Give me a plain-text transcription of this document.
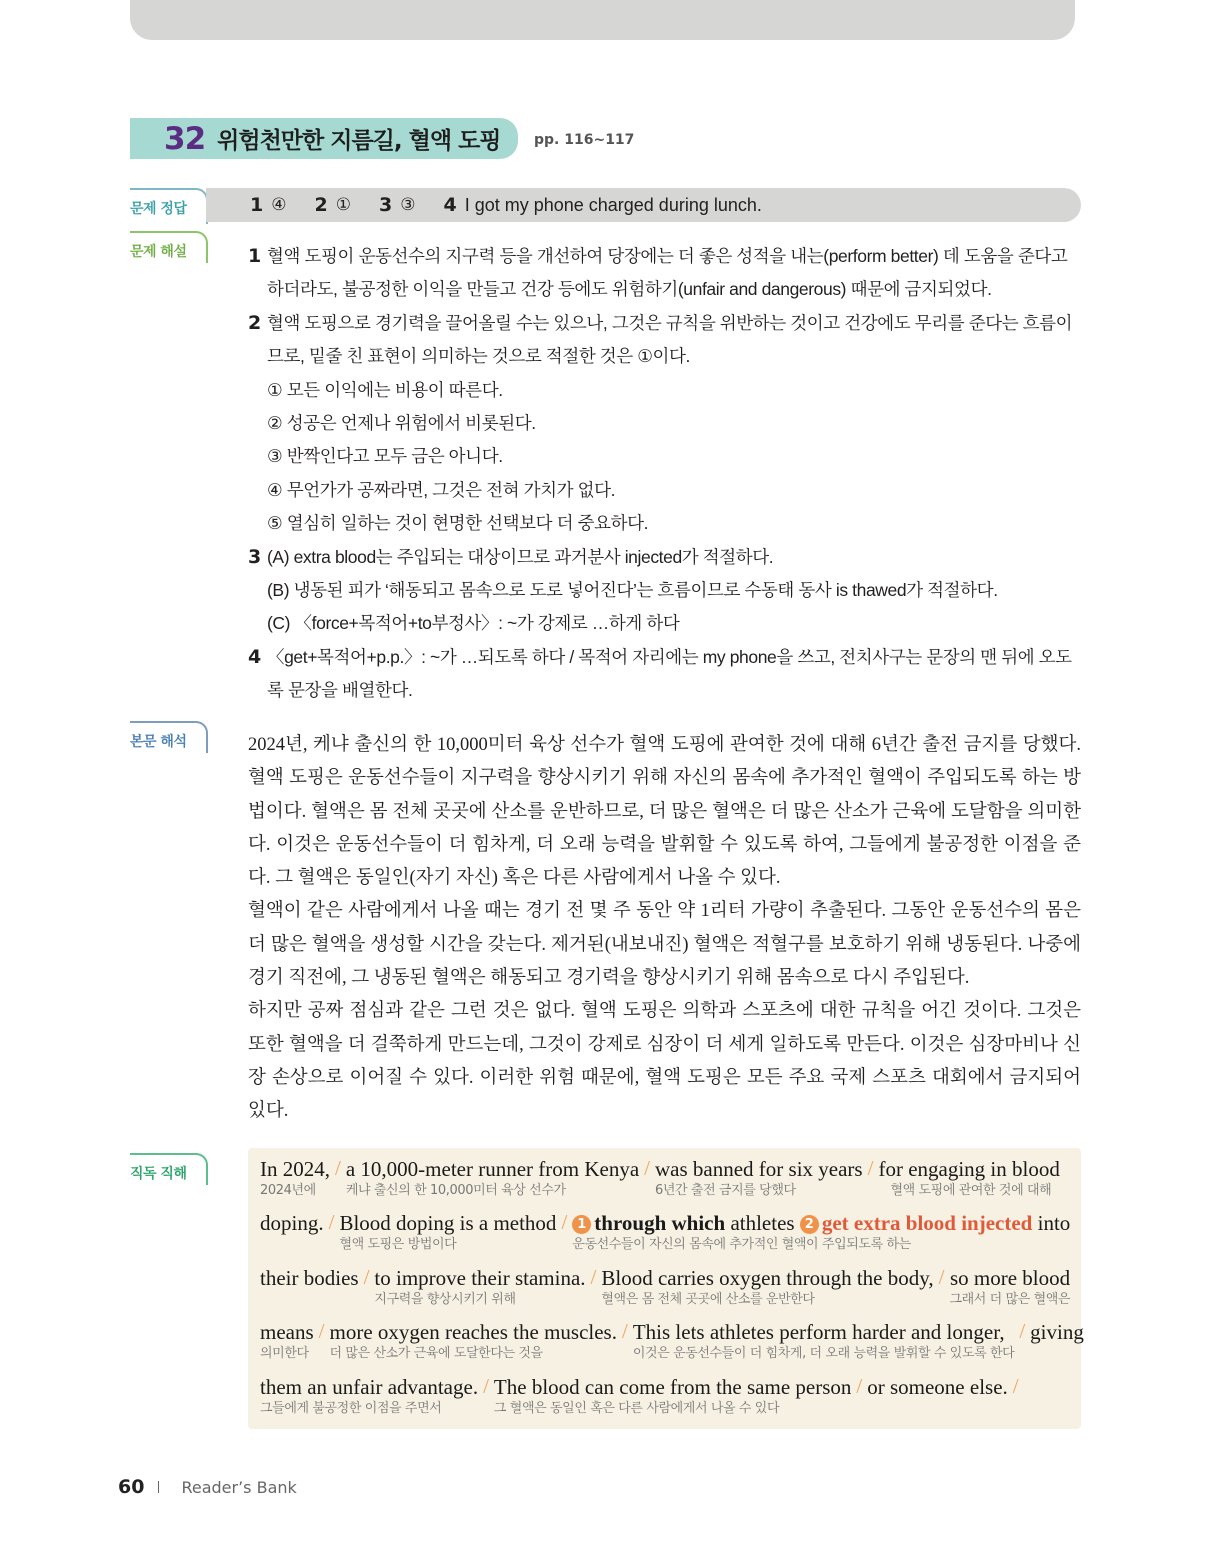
32 위험천만한 지름길, 혈액 도핑 pp. 116~117
문제 정답
문제 해설
본문 해석
직독 직해
1 ④ 2 ① 3 ③ 4 I got my phone charged during lunch.
1 혈액 도핑이 운동선수의 지구력 등을 개선하여 당장에는 더 좋은 성적을 내는(perform better) 데 도움을 준다고 하더라도, 불공정한 이익을 만들고 건강 등에도 위험하기(unfair and dangerous) 때문에 금지되었다.
2 혈액 도핑으로 경기력을 끌어올릴 수는 있으나, 그것은 규칙을 위반하는 것이고 건강에도 무리를 준다는 흐름이므로, 밑줄 친 표현이 의미하는 것으로 적절한 것은 ①이다.
① 모든 이익에는 비용이 따른다.
② 성공은 언제나 위험에서 비롯된다.
③ 반짝인다고 모두 금은 아니다.
④ 무언가가 공짜라면, 그것은 전혀 가치가 없다.
⑤ 열심히 일하는 것이 현명한 선택보다 더 중요하다.
3 (A) extra blood는 주입되는 대상이므로 과거분사 injected가 적절하다.
(B) 냉동된 피가 ‘해동되고 몸속으로 도로 넣어진다’는 흐름이므로 수동태 동사 is thawed가 적절하다.
(C) 〈force+목적어+to부정사〉: ~가 강제로 …하게 하다
4 〈get+목적어+p.p.〉: ~가 …되도록 하다 / 목적어 자리에는 my phone을 쓰고, 전치사구는 문장의 맨 뒤에 오도록 문장을 배열한다.

2024년, 케냐 출신의 한 10,000미터 육상 선수가 혈액 도핑에 관여한 것에 대해 6년간 출전 금지를 당했다. 혈액 도핑은 운동선수들이 지구력을 향상시키기 위해 자신의 몸속에 추가적인 혈액이 주입되도록 하는 방법이다. 혈액은 몸 전체 곳곳에 산소를 운반하므로, 더 많은 혈액은 더 많은 산소가 근육에 도달함을 의미한다. 이것은 운동선수들이 더 힘차게, 더 오래 능력을 발휘할 수 있도록 하여, 그들에게 불공정한 이점을 준다. 그 혈액은 동일인(자기 자신) 혹은 다른 사람에게서 나올 수 있다.

혈액이 같은 사람에게서 나올 때는 경기 전 몇 주 동안 약 1리터 가량이 추출된다. 그동안 운동선수의 몸은 더 많은 혈액을 생성할 시간을 갖는다. 제거된(내보내진) 혈액은 적혈구를 보호하기 위해 냉동된다. 나중에 경기 직전에, 그 냉동된 혈액은 해동되고 경기력을 향상시키기 위해 몸속으로 다시 주입된다.

하지만 공짜 점심과 같은 그런 것은 없다. 혈액 도핑은 의학과 스포츠에 대한 규칙을 어긴 것이다. 그것은 또한 혈액을 더 걸쭉하게 만드는데, 그것이 강제로 심장이 더 세게 일하도록 만든다. 이것은 심장마비나 신장 손상으로 이어질 수 있다. 이러한 위험 때문에, 혈액 도핑은 모든 주요 국제 스포츠 대회에서 금지되어 있다.

In 2024,
2024년에
/ a 10,000-meter runner from Kenya
케냐 출신의 한 10,000미터 육상 선수가
/ was banned for six years
6년간 출전 금지를 당했다
/ for engaging in blood
혈액 도핑에 관여한 것에 대해
doping. / Blood doping is a method
혈액 도핑은 방법이다
/ 1 through which athletes 2 get extra blood injected into
운동선수들이 자신의 몸속에 추가적인 혈액이 주입되도록 하는
their bodies / to improve their stamina.
지구력을 향상시키기 위해
/ Blood carries oxygen through the body,
혈액은 몸 전체 곳곳에 산소를 운반한다
/ so more blood
그래서 더 많은 혈액은
means
의미한다
/ more oxygen reaches the muscles.
더 많은 산소가 근육에 도달한다는 것을
/ This lets athletes perform harder and longer,
이것은 운동선수들이 더 힘차게, 더 오래 능력을 발휘할 수 있도록 한다
/ giving
them an unfair advantage.
그들에게 불공정한 이점을 주면서
/ The blood can come from the same person
그 혈액은 동일인 혹은 다른 사람에게서 나올 수 있다
/ or someone else. /
60 Reader’s Bank
